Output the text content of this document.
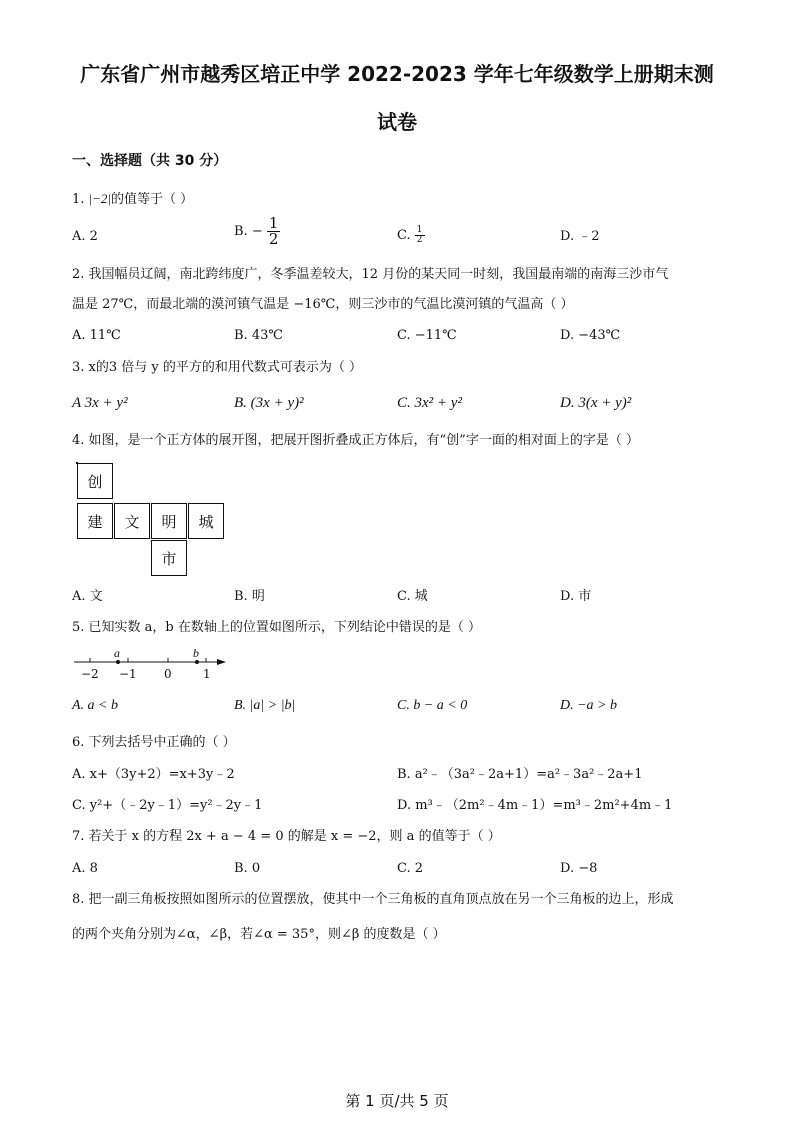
广东省广州市越秀区培正中学 2022-2023 学年七年级数学上册期末测
试卷
一、选择题（共 30 分）
1. |−2|的值等于（ ）
A. 2	B. − $\frac{1}{2}$	C. $\frac{1}{2}$	D. ﹣2
2. 我国幅员辽阔，南北跨纬度广，冬季温差较大，12 月份的某天同一时刻，我国最南端的南海三沙市气
温是 27℃，而最北端的漠河镇气温是 −16℃，则三沙市的气温比漠河镇的气温高（ ）
A. 11℃	B. 43℃	C. −11℃	D. −43℃
3. x的3 倍与 y 的平方的和用代数式可表示为（ ）
A 3x + y²	B. (3x + y)²	C. 3x² + y²	D. 3(x + y)²
4. 如图，是一个正方体的展开图，把展开图折叠成正方体后，有“创”字一面的相对面上的字是（ ）
创
建	文	明	城
市
A. 文	B. 明	C. 城	D. 市
5. 已知实数 a，b 在数轴上的位置如图所示，下列结论中错误的是（ ）
a	b
−2 −1 0	1
A. a < b	B. |a| > |b|	C. b − a < 0	D. −a > b
6. 下列去括号中正确的（ ）
A. x+（3y+2）=x+3y﹣2	B. a²﹣（3a²﹣2a+1）=a²﹣3a²﹣2a+1
C. y²+（﹣2y﹣1）=y²﹣2y﹣1	D. m³﹣（2m²﹣4m﹣1）=m³﹣2m²+4m﹣1
7. 若关于 x 的方程 2x + a − 4 = 0 的解是 x = −2，则 a 的值等于（ ）
A. 8	B. 0	C. 2	D. −8
8. 把一副三角板按照如图所示的位置摆放，使其中一个三角板的直角顶点放在另一个三角板的边上，形成
的两个夹角分别为∠α，∠β，若∠α = 35°，则∠β 的度数是（ ）
第 1 页/共 5 页
